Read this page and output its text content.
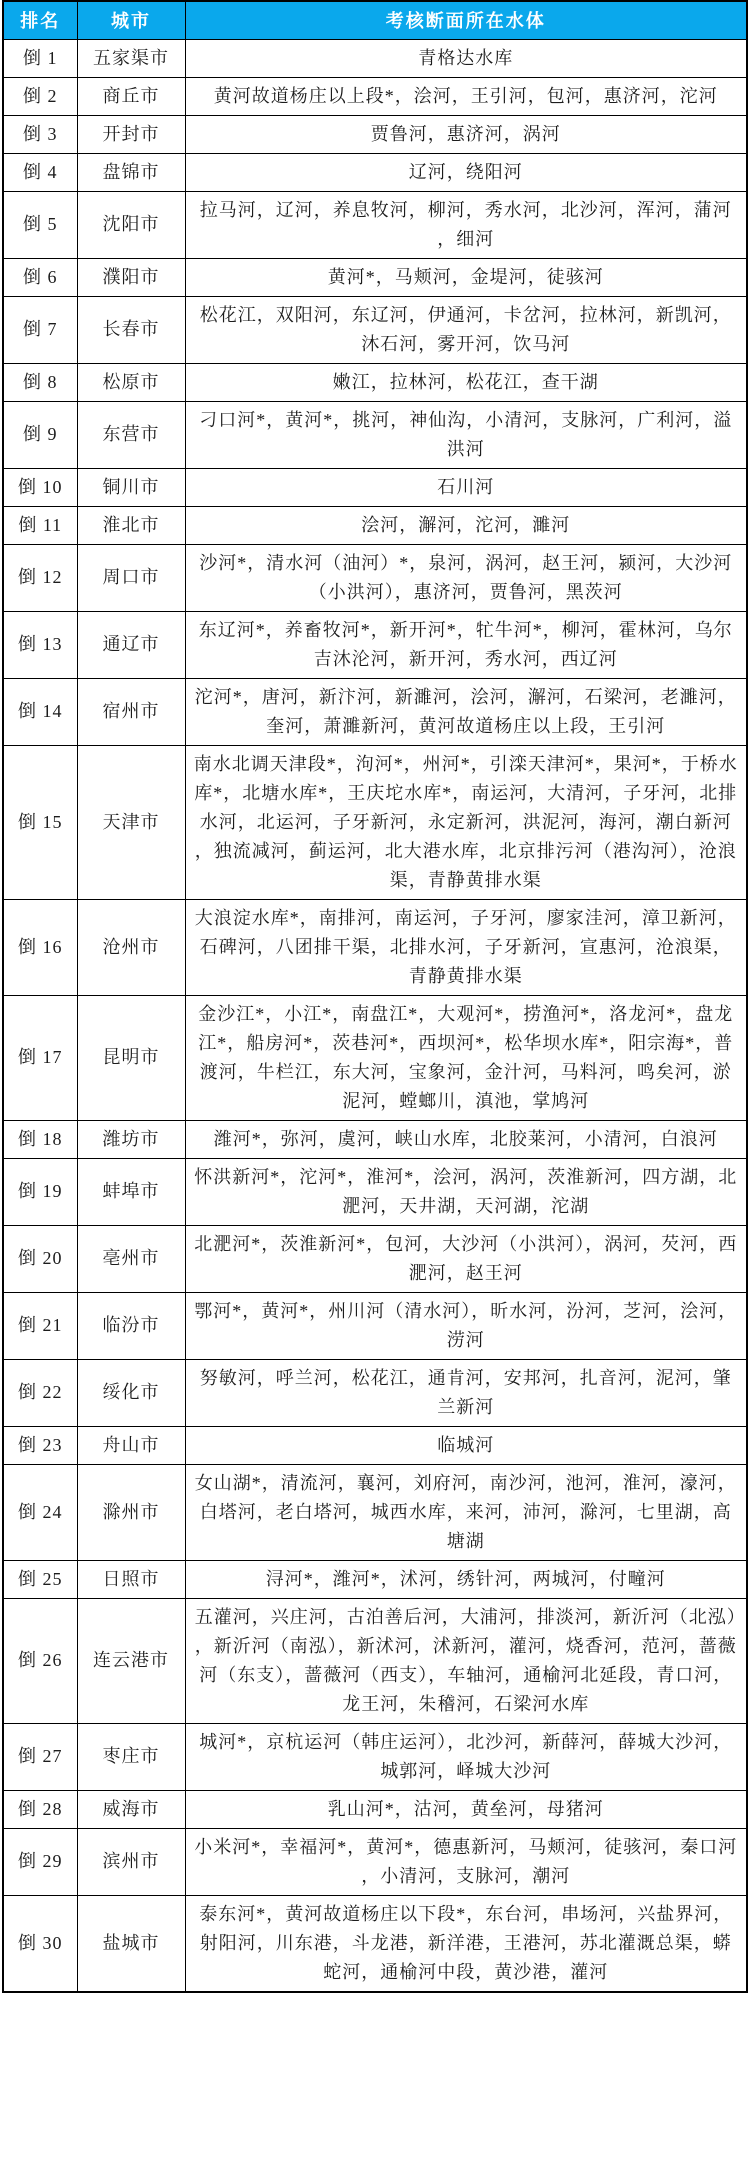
排名	城市	考核断面所在水体
倒 1	五家渠市	青格达水库
倒 2	商丘市	黄河故道杨庄以上段*，浍河，王引河，包河，惠济河，沱河
倒 3	开封市	贾鲁河，惠济河，涡河
倒 4	盘锦市	辽河，绕阳河
倒 5	沈阳市	拉马河，辽河，养息牧河，柳河，秀水河，北沙河，浑河，蒲河，细河
倒 6	濮阳市	黄河*，马颊河，金堤河，徒骇河
倒 7	长春市	松花江，双阳河，东辽河，伊通河，卡岔河，拉林河，新凯河，沐石河，雾开河，饮马河
倒 8	松原市	嫩江，拉林河，松花江，查干湖
倒 9	东营市	刁口河*，黄河*，挑河，神仙沟，小清河，支脉河，广利河，溢洪河
倒 10	铜川市	石川河
倒 11	淮北市	浍河，澥河，沱河，濉河
倒 12	周口市	沙河*，清水河（油河）*，泉河，涡河，赵王河，颍河，大沙河（小洪河），惠济河，贾鲁河，黑茨河
倒 13	通辽市	东辽河*，养畜牧河*，新开河*，牤牛河*，柳河，霍林河，乌尔吉沐沦河，新开河，秀水河，西辽河
倒 14	宿州市	沱河*，唐河，新汴河，新濉河，浍河，澥河，石梁河，老濉河，奎河，萧濉新河，黄河故道杨庄以上段，王引河
倒 15	天津市	南水北调天津段*，泃河*，州河*，引滦天津河*，果河*，于桥水库*，北塘水库*，王庆坨水库*，南运河，大清河，子牙河，北排水河，北运河，子牙新河，永定新河，洪泥河，海河，潮白新河，独流减河，蓟运河，北大港水库，北京排污河（港沟河），沧浪渠，青静黄排水渠
倒 16	沧州市	大浪淀水库*，南排河，南运河，子牙河，廖家洼河，漳卫新河，石碑河，八团排干渠，北排水河，子牙新河，宣惠河，沧浪渠，青静黄排水渠
倒 17	昆明市	金沙江*，小江*，南盘江*，大观河*，捞渔河*，洛龙河*，盘龙江*，船房河*，茨巷河*，西坝河*，松华坝水库*，阳宗海*，普渡河，牛栏江，东大河，宝象河，金汁河，马料河，鸣矣河，淤泥河，螳螂川，滇池，掌鸠河
倒 18	潍坊市	潍河*，弥河，虞河，峡山水库，北胶莱河，小清河，白浪河
倒 19	蚌埠市	怀洪新河*，沱河*，淮河*，浍河，涡河，茨淮新河，四方湖，北淝河，天井湖，天河湖，沱湖
倒 20	亳州市	北淝河*，茨淮新河*，包河，大沙河（小洪河），涡河，芡河，西淝河，赵王河
倒 21	临汾市	鄂河*，黄河*，州川河（清水河），昕水河，汾河，芝河，浍河，涝河
倒 22	绥化市	努敏河，呼兰河，松花江，通肯河，安邦河，扎音河，泥河，肇兰新河
倒 23	舟山市	临城河
倒 24	滁州市	女山湖*，清流河，襄河，刘府河，南沙河，池河，淮河，濠河，白塔河，老白塔河，城西水库，来河，沛河，滁河，七里湖，高塘湖
倒 25	日照市	浔河*，潍河*，沭河，绣针河，两城河，付疃河
倒 26	连云港市	五灌河，兴庄河，古泊善后河，大浦河，排淡河，新沂河（北泓），新沂河（南泓），新沭河，沭新河，灌河，烧香河，范河，蔷薇河（东支），蔷薇河（西支），车轴河，通榆河北延段，青口河，龙王河，朱稽河，石梁河水库
倒 27	枣庄市	城河*，京杭运河（韩庄运河），北沙河，新薛河，薛城大沙河，城郭河，峄城大沙河
倒 28	威海市	乳山河*，沽河，黄垒河，母猪河
倒 29	滨州市	小米河*，幸福河*，黄河*，德惠新河，马颊河，徒骇河，秦口河，小清河，支脉河，潮河
倒 30	盐城市	泰东河*，黄河故道杨庄以下段*，东台河，串场河，兴盐界河，射阳河，川东港，斗龙港，新洋港，王港河，苏北灌溉总渠，蟒蛇河，通榆河中段，黄沙港，灌河
